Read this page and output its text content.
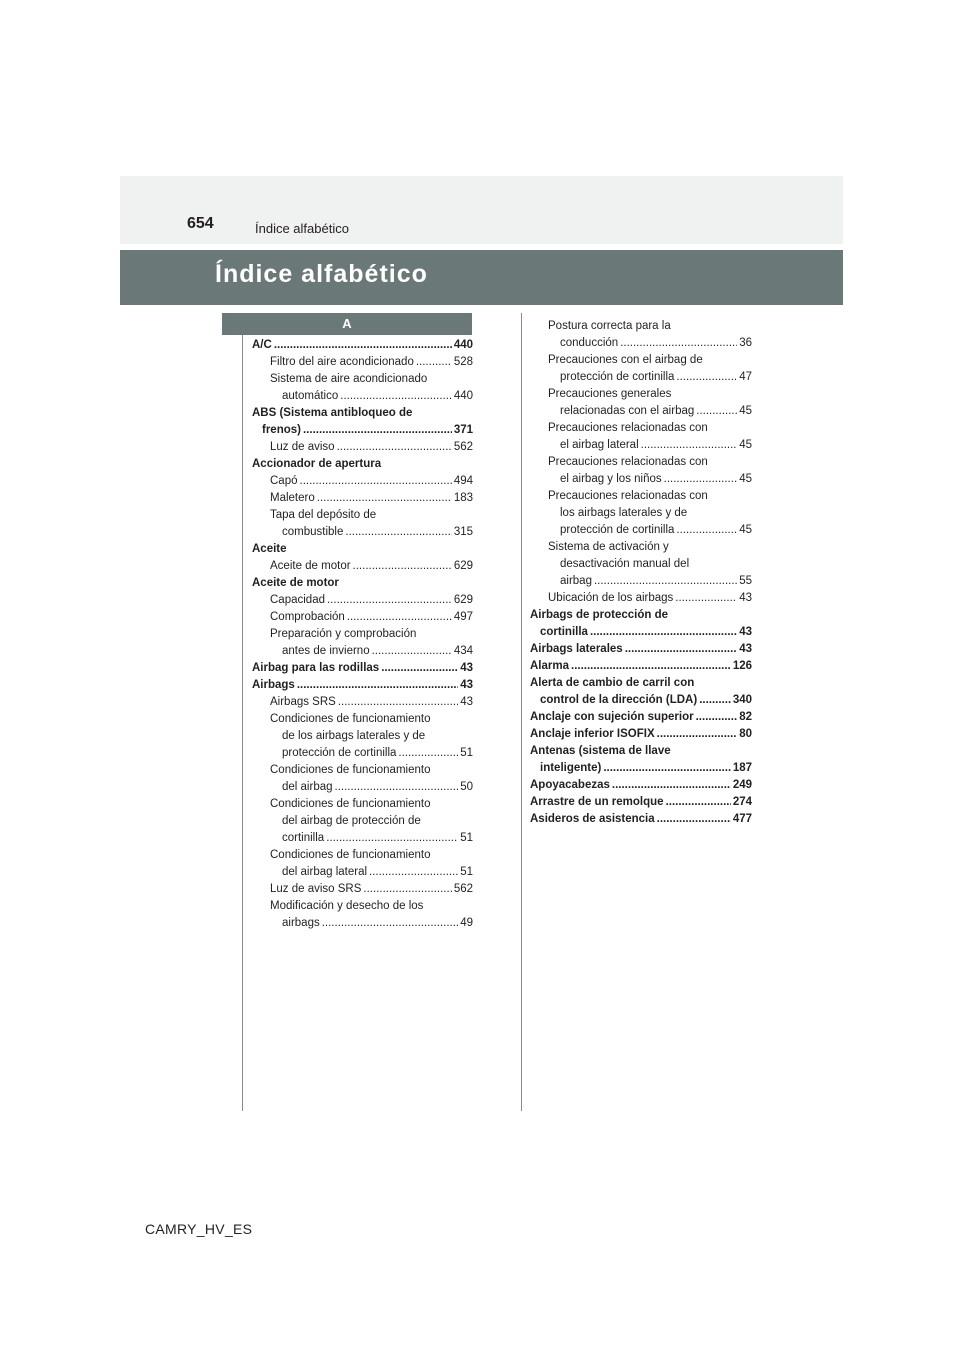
654	Índice alfabético
Índice alfabético
A
A/C .....	440
Filtro del aire acondicionado .....	528
Sistema de aire acondicionado
automático .....	440
ABS (Sistema antibloqueo de
frenos) .....	371
Luz de aviso .....	562
Accionador de apertura
Capó .....	494
Maletero .....	183
Tapa del depósito de
combustible .....	315
Aceite
Aceite de motor .....	629
Aceite de motor
Capacidad .....	629
Comprobación .....	497
Preparación y comprobación
antes de invierno .....	434
Airbag para las rodillas .....	43
Airbags .....	43
Airbags SRS .....	43
Condiciones de funcionamiento
de los airbags laterales y de
protección de cortinilla .....	51
Condiciones de funcionamiento
del airbag .....	50
Condiciones de funcionamiento
del airbag de protección de
cortinilla .....	51
Condiciones de funcionamiento
del airbag lateral .....	51
Luz de aviso SRS .....	562
Modificación y desecho de los
airbags .....	49
Postura correcta para la
conducción .....	36
Precauciones con el airbag de
protección de cortinilla .....	47
Precauciones generales
relacionadas con el airbag .....	45
Precauciones relacionadas con
el airbag lateral .....	45
Precauciones relacionadas con
el airbag y los niños .....	45
Precauciones relacionadas con
los airbags laterales y de
protección de cortinilla .....	45
Sistema de activación y
desactivación manual del
airbag .....	55
Ubicación de los airbags .....	43
Airbags de protección de
cortinilla .....	43
Airbags laterales .....	43
Alarma .....	126
Alerta de cambio de carril con
control de la dirección (LDA) .....	340
Anclaje con sujeción superior .....	82
Anclaje inferior ISOFIX .....	80
Antenas (sistema de llave
inteligente) .....	187
Apoyacabezas .....	249
Arrastre de un remolque .....	274
Asideros de asistencia .....	477
CAMRY_HV_ES
